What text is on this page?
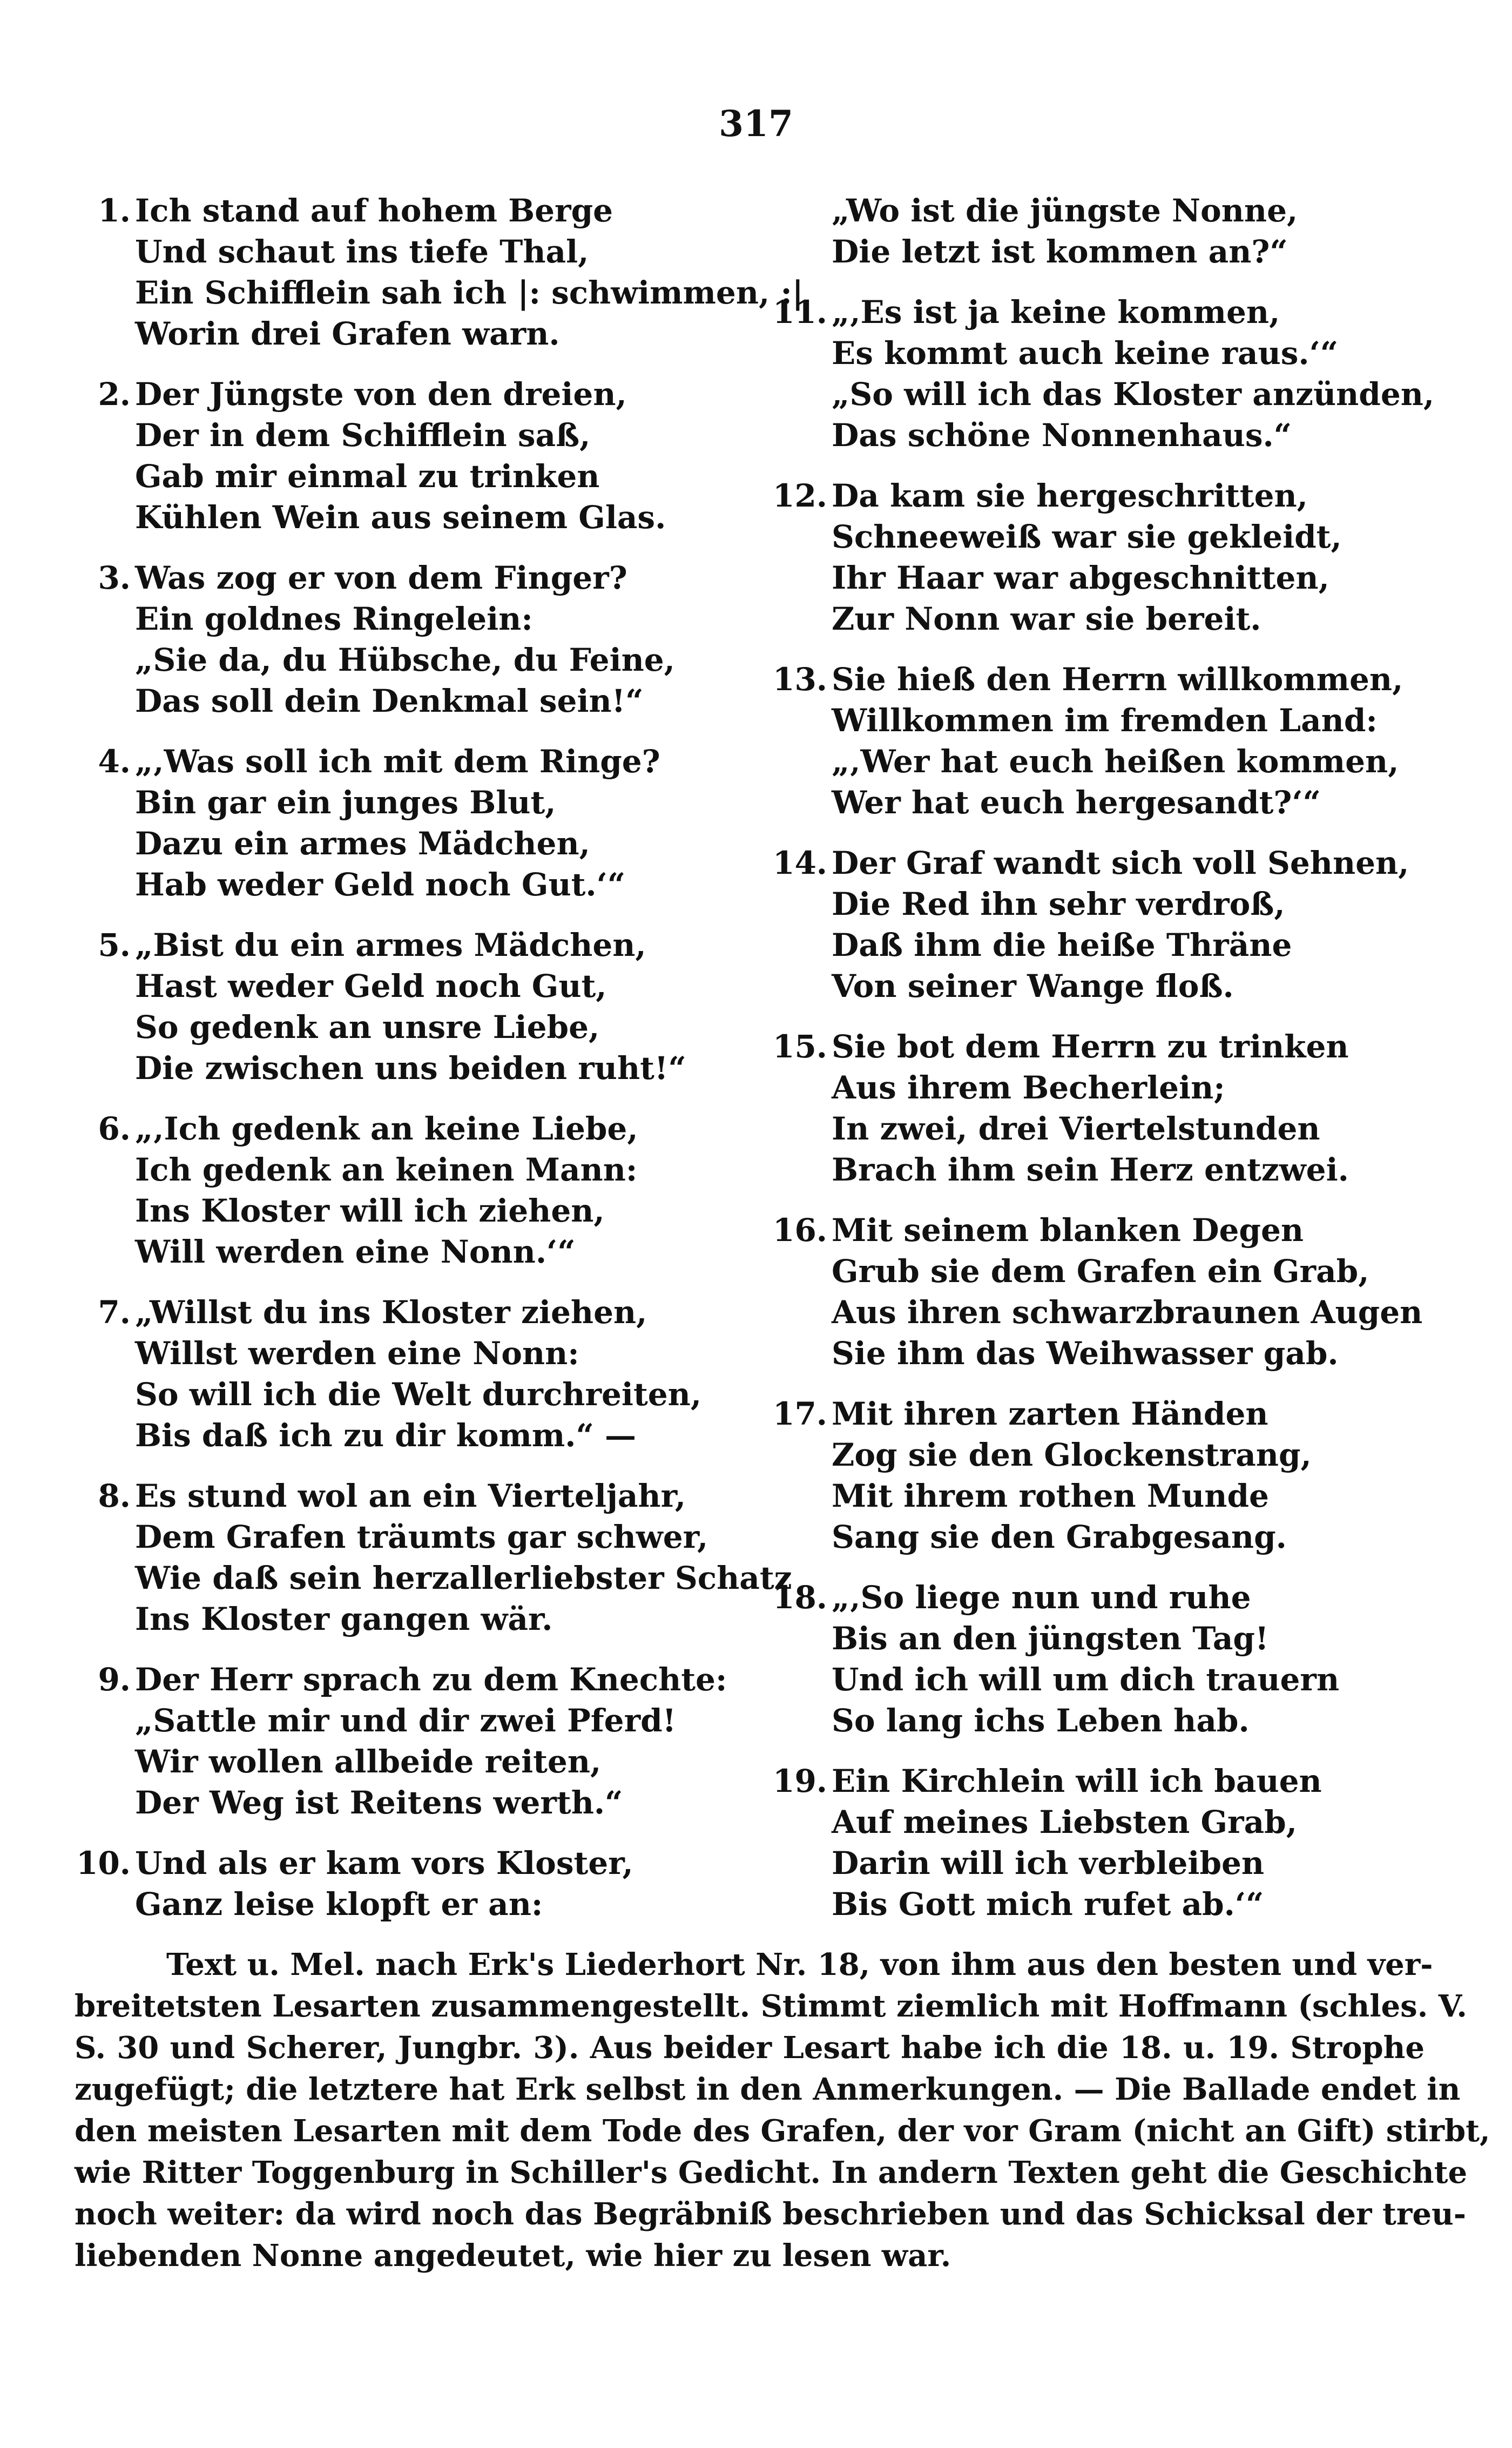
317
1. Ich stand auf hohem Berge
Und schaut ins tiefe Thal,
Ein Schifflein sah ich |: schwimmen, :|
Worin drei Grafen warn.
2. Der Jüngste von den dreien,
Der in dem Schifflein saß,
Gab mir einmal zu trinken
Kühlen Wein aus seinem Glas.
3. Was zog er von dem Finger?
Ein goldnes Ringelein:
„Sie da, du Hübsche, du Feine,
Das soll dein Denkmal sein!“
4. „‚Was soll ich mit dem Ringe?
Bin gar ein junges Blut,
Dazu ein armes Mädchen,
Hab weder Geld noch Gut.‘“
5. „Bist du ein armes Mädchen,
Hast weder Geld noch Gut,
So gedenk an unsre Liebe,
Die zwischen uns beiden ruht!“
6. „‚Ich gedenk an keine Liebe,
Ich gedenk an keinen Mann:
Ins Kloster will ich ziehen,
Will werden eine Nonn.‘“
7. „Willst du ins Kloster ziehen,
Willst werden eine Nonn:
So will ich die Welt durchreiten,
Bis daß ich zu dir komm.“ —
8. Es stund wol an ein Vierteljahr,
Dem Grafen träumts gar schwer,
Wie daß sein herzallerliebster Schatz
Ins Kloster gangen wär.
9. Der Herr sprach zu dem Knechte:
„Sattle mir und dir zwei Pferd!
Wir wollen allbeide reiten,
Der Weg ist Reitens werth.“
10. Und als er kam vors Kloster,
Ganz leise klopft er an:
„Wo ist die jüngste Nonne,
Die letzt ist kommen an?“
11. „‚Es ist ja keine kommen,
Es kommt auch keine raus.‘“
„So will ich das Kloster anzünden,
Das schöne Nonnenhaus.“
12. Da kam sie hergeschritten,
Schneeweiß war sie gekleidt,
Ihr Haar war abgeschnitten,
Zur Nonn war sie bereit.
13. Sie hieß den Herrn willkommen,
Willkommen im fremden Land:
„‚Wer hat euch heißen kommen,
Wer hat euch hergesandt?‘“
14. Der Graf wandt sich voll Sehnen,
Die Red ihn sehr verdroß,
Daß ihm die heiße Thräne
Von seiner Wange floß.
15. Sie bot dem Herrn zu trinken
Aus ihrem Becherlein;
In zwei, drei Viertelstunden
Brach ihm sein Herz entzwei.
16. Mit seinem blanken Degen
Grub sie dem Grafen ein Grab,
Aus ihren schwarzbraunen Augen
Sie ihm das Weihwasser gab.
17. Mit ihren zarten Händen
Zog sie den Glockenstrang,
Mit ihrem rothen Munde
Sang sie den Grabgesang.
18. „‚So liege nun und ruhe
Bis an den jüngsten Tag!
Und ich will um dich trauern
So lang ichs Leben hab.
19. Ein Kirchlein will ich bauen
Auf meines Liebsten Grab,
Darin will ich verbleiben
Bis Gott mich rufet ab.‘“
Text u. Mel. nach Erk's Liederhort Nr. 18, von ihm aus den besten und ver-
breitetsten Lesarten zusammengestellt. Stimmt ziemlich mit Hoffmann (schles. V.
S. 30 und Scherer, Jungbr. 3). Aus beider Lesart habe ich die 18. u. 19. Strophe
zugefügt; die letztere hat Erk selbst in den Anmerkungen. — Die Ballade endet in
den meisten Lesarten mit dem Tode des Grafen, der vor Gram (nicht an Gift) stirbt,
wie Ritter Toggenburg in Schiller's Gedicht. In andern Texten geht die Geschichte
noch weiter: da wird noch das Begräbniß beschrieben und das Schicksal der treu-
liebenden Nonne angedeutet, wie hier zu lesen war.
